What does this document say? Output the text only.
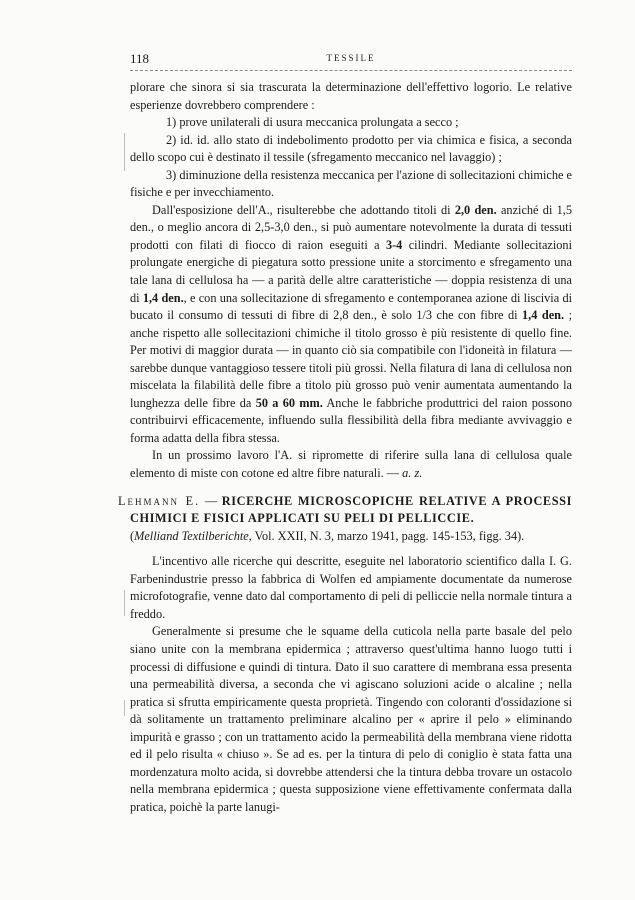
118	TESSILE

plorare che sinora si sia trascurata la determinazione dell'effettivo logorio. Le relative esperienze dovrebbero comprendere :

1) prove unilaterali di usura meccanica prolungata a secco ;

2) id. id. allo stato di indebolimento prodotto per via chimica e fisica, a seconda dello scopo cui è destinato il tessile (sfregamento meccanico nel lavaggio) ;

3) diminuzione della resistenza meccanica per l'azione di sollecitazioni chimiche e fisiche e per invecchiamento.

Dall'esposizione dell'A., risulterebbe che adottando titoli di 2,0 den. anziché di 1,5 den., o meglio ancora di 2,5-3,0 den., si può aumentare notevolmente la durata di tessuti prodotti con filati di fiocco di raion eseguiti a 3-4 cilindri. Mediante sollecitazioni prolungate energiche di piegatura sotto pressione unite a storcimento e sfregamento una tale lana di cellulosa ha — a parità delle altre caratteristiche — doppia resistenza di una di 1,4 den., e con una sollecitazione di sfregamento e contemporanea azione di liscivia di bucato il consumo di tessuti di fibre di 2,8 den., è solo 1/3 che con fibre di 1,4 den. ; anche rispetto alle sollecitazioni chimiche il titolo grosso è più resistente di quello fine. Per motivi di maggior durata — in quanto ciò sia compatibile con l'idoneità in filatura — sarebbe dunque vantaggioso tessere titoli più grossi. Nella filatura di lana di cellulosa non miscelata la filabilità delle fibre a titolo più grosso può venir aumentata aumentando la lunghezza delle fibre da 50 a 60 mm. Anche le fabbriche produttrici del raion possono contribuirvi efficacemente, influendo sulla flessibilità della fibra mediante avvivaggio e forma adatta della fibra stessa.

In un prossimo lavoro l'A. si ripromette di riferire sulla lana di cellulosa quale elemento di miste con cotone ed altre fibre naturali. — a. z.

Lehmann E. — RICERCHE MICROSCOPICHE RELATIVE A PROCESSI CHIMICI E FISICI APPLICATI SU PELI DI PELLICCIE.

(Melliand Textilberichte, Vol. XXII, N. 3, marzo 1941, pagg. 145-153, figg. 34).

L'incentivo alle ricerche qui descritte, eseguite nel laboratorio scientifico dalla I. G. Farbenindustrie presso la fabbrica di Wolfen ed ampiamente documentate da numerose microfotografie, venne dato dal comportamento di peli di pelliccie nella normale tintura a freddo.

Generalmente si presume che le squame della cuticola nella parte basale del pelo siano unite con la membrana epidermica ; attraverso quest'ultima hanno luogo tutti i processi di diffusione e quindi di tintura. Dato il suo carattere di membrana essa presenta una permeabilità diversa, a seconda che vi agiscano soluzioni acide o alcaline ; nella pratica si sfrutta empiricamente questa proprietà. Tingendo con coloranti d'ossidazione si dà solitamente un trattamento preliminare alcalino per « aprire il pelo » eliminando impurità e grasso ; con un trattamento acido la permeabilità della membrana viene ridotta ed il pelo risulta « chiuso ». Se ad es. per la tintura di pelo di coniglio è stata fatta una mordenzatura molto acida, si dovrebbe attendersi che la tintura debba trovare un ostacolo nella membrana epidermica ; questa supposizione viene effettivamente confermata dalla pratica, poichè la parte lanugi-
